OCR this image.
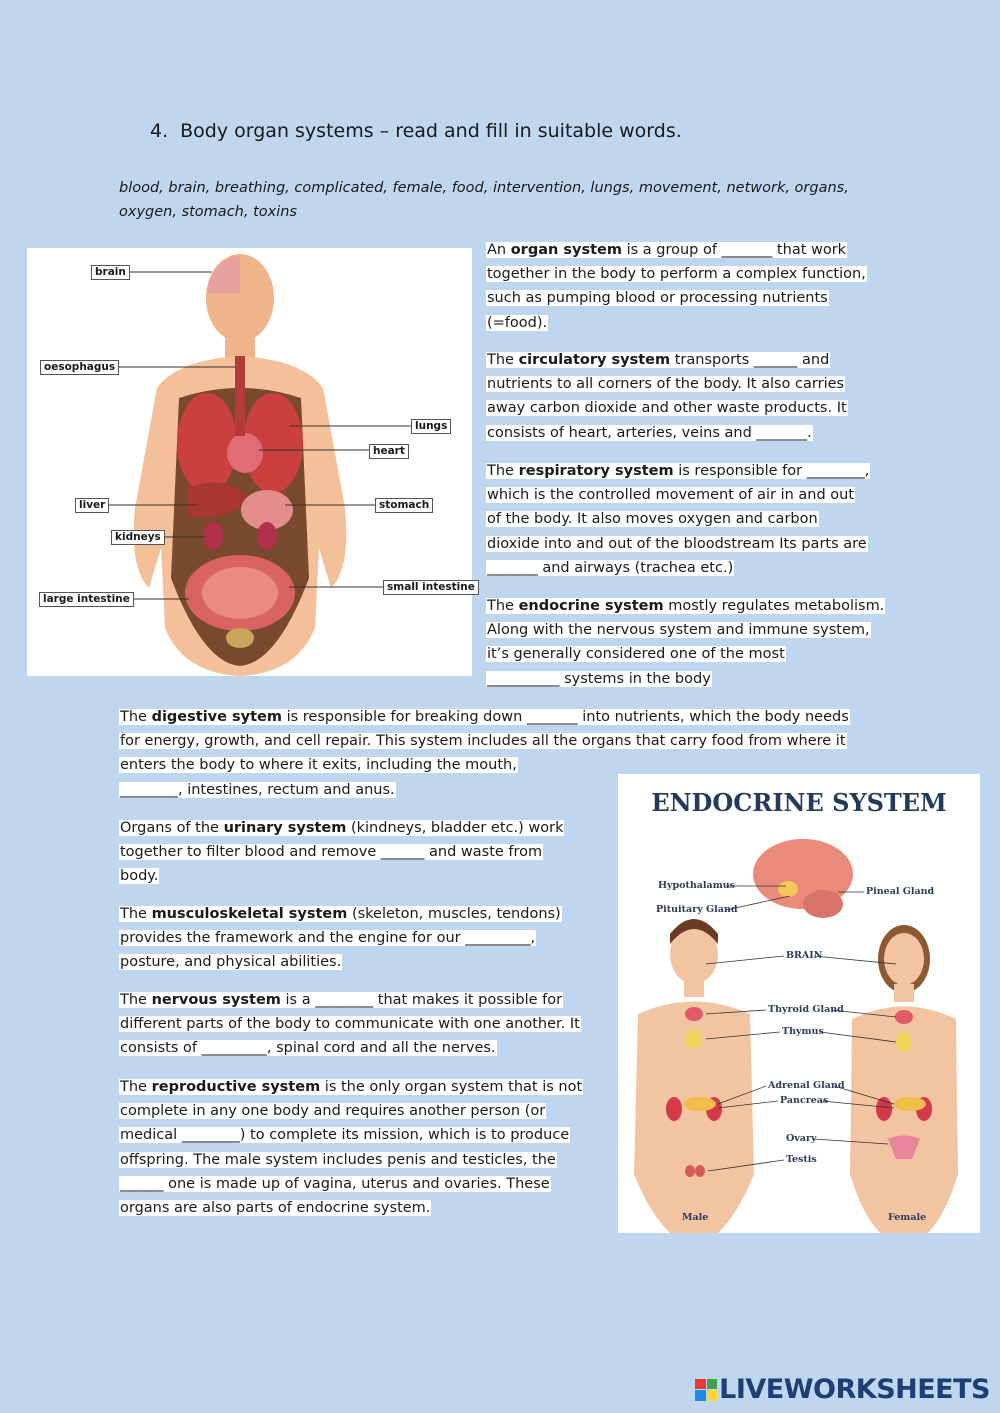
4. Body organ systems – read and fill in suitable words.
blood, brain, breathing, complicated, female, food, intervention, lungs, movement, network, organs,
oxygen, stomach, toxins
brain
oesophagus
lungs
heart
liver	stomach
kidneys
small intestine
large intestine
An organ system is a group of _______ that work
together in the body to perform a complex function,
such as pumping blood or processing nutrients
(=food).
The circulatory system transports ______ and
nutrients to all corners of the body. It also carries
away carbon dioxide and other waste products. It
consists of heart, arteries, veins and _______.
The respiratory system is responsible for ________,
which is the controlled movement of air in and out
of the body. It also moves oxygen and carbon
dioxide into and out of the bloodstream Its parts are
_______ and airways (trachea etc.)
The endocrine system mostly regulates metabolism.
Along with the nervous system and immune system,
it’s generally considered one of the most
__________ systems in the body
The digestive sytem is responsible for breaking down _______ into nutrients, which the body needs
for energy, growth, and cell repair. This system includes all the organs that carry food from where it
enters the body to where it exits, including the mouth,
________, intestines, rectum and anus.
Organs of the urinary system (kindneys, bladder etc.) work
together to filter blood and remove ______ and waste from
body.
The musculoskeletal system (skeleton, muscles, tendons)
provides the framework and the engine for our _________,
posture, and physical abilities.
The nervous system is a ________ that makes it possible for
different parts of the body to communicate with one another. It
consists of _________, spinal cord and all the nerves.
The reproductive system is the only organ system that is not
complete in any one body and requires another person (or
medical ________) to complete its mission, which is to produce
offspring. The male system includes penis and testicles, the
______ one is made up of vagina, uterus and ovaries. These
organs are also parts of endocrine system.
ENDOCRINE SYSTEM
Hypothalamus
Pituitary Gland
Pineal Gland
BRAIN
Thyroid Gland
Thymus
Adrenal Gland
Pancreas
Ovary
Testis
Male	Female
LIVEWORKSHEETS
